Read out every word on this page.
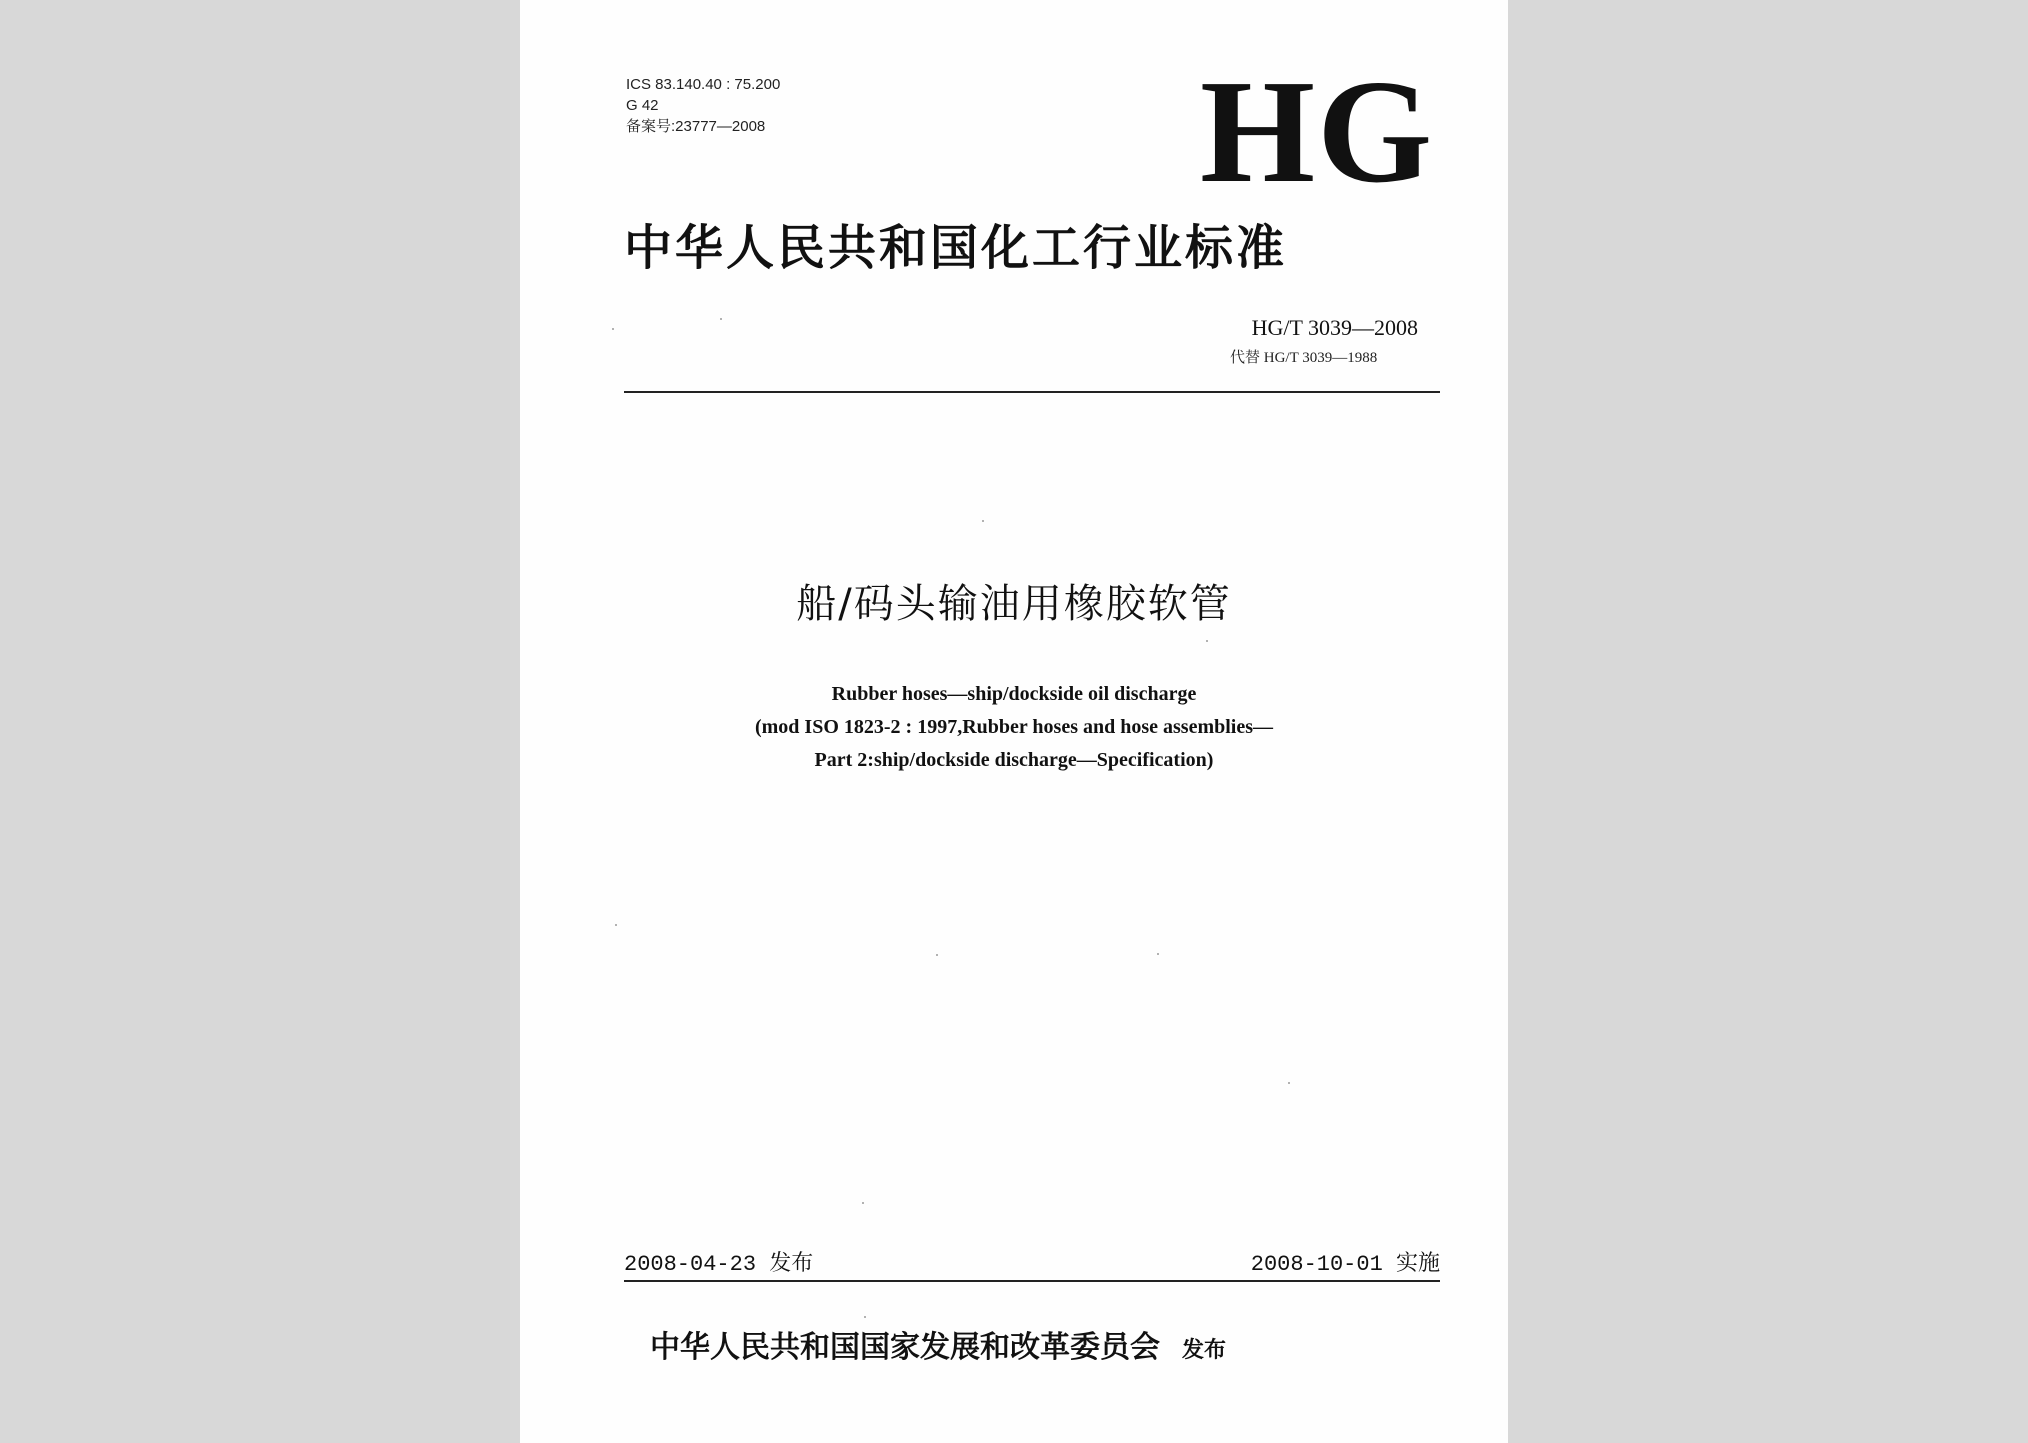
ICS 83.140.40 : 75.200
G 42
备案号:23777—2008	HG
中华人民共和国化工行业标准
HG/T 3039—2008
代替 HG/T 3039—1988
船/码头输油用橡胶软管
Rubber hoses—ship/dockside oil discharge
(mod ISO 1823-2 : 1997,Rubber hoses and hose assemblies—
Part 2:ship/dockside discharge—Specification)
2008-04-23 发布	2008-10-01 实施
中华人民共和国国家发展和改革委员会 发布
